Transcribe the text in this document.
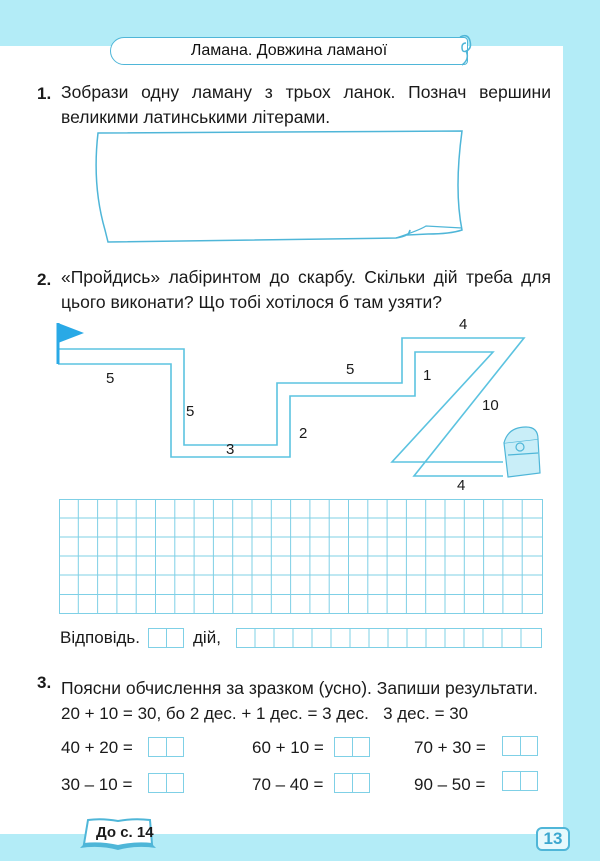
Ламана. Довжина ламаної
1. Зобрази одну ламану з трьох ланок. Познач вершини великими латинськими літерами.
2. «Пройдись» лабіринтом до скарбу. Скільки дій треба для цього виконати? Що тобі хотілося б там узяти?
5
5
3
2
5	1
4
10
4
Відповідь.	дій,
3. Поясни обчислення за зразком (усно). Запиши результати.
20 + 10 = 30, бо 2 дес. + 1 дес. = 3 дес.   3 дес. = 30
40 + 20 =	60 + 10 =	70 + 30 =
30 – 10 =	70 – 40 =	90 – 50 =
До с. 14	13
